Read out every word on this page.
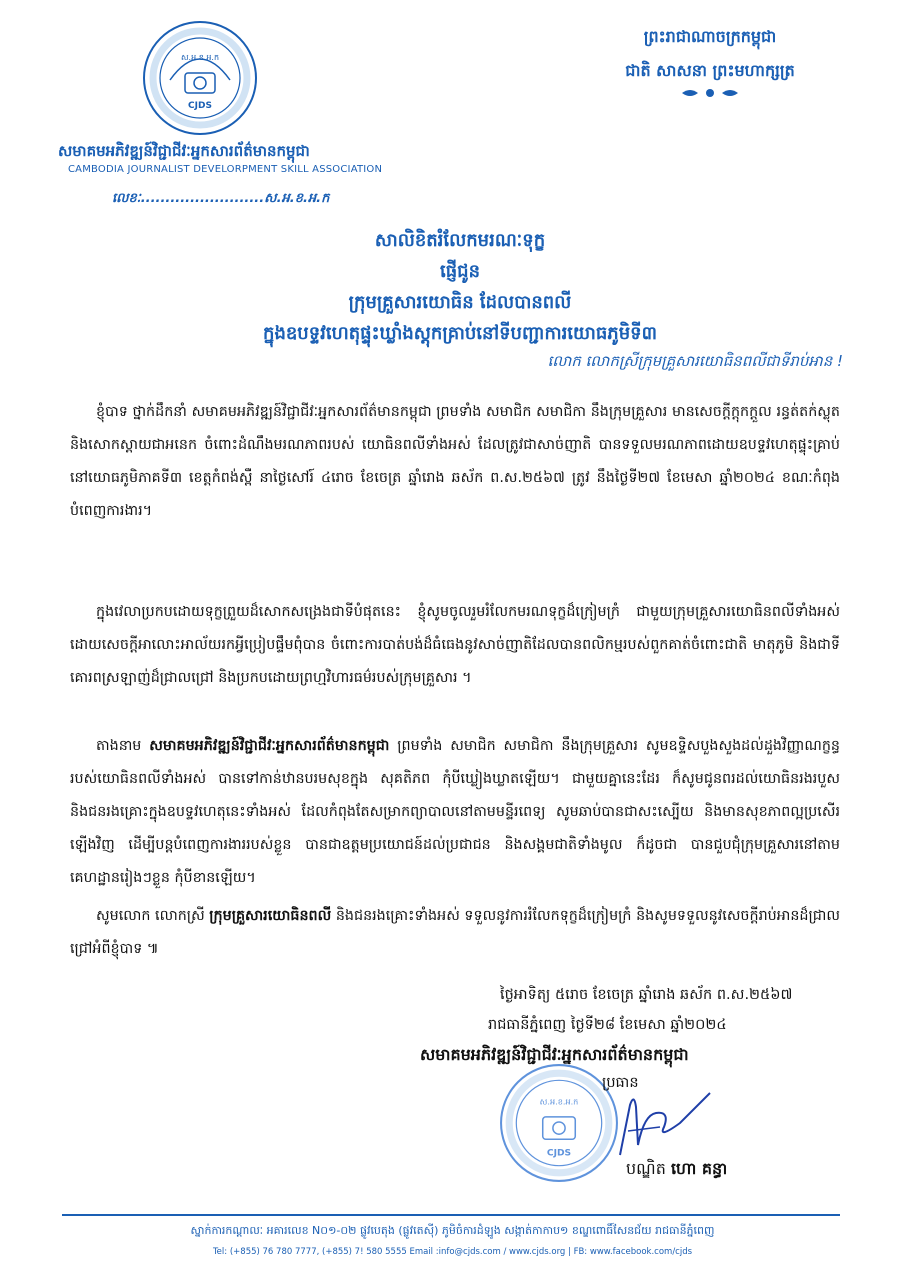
ស.អ.ខ.អ.ក
CJDS
សមាគមអភិវឌ្ឍន៍វិជ្ជាជីវៈអ្នកសារព័ត៌មានកម្ពុជា
CAMBODIA JOURNALIST DEVELORPMENT SKILL ASSOCIATION
លេខៈ.........................ស.អ.ខ.អ.ក
ព្រះរាជាណាចក្រកម្ពុជា
ជាតិ សាសនា ព្រះមហាក្សត្រ
សាលិខិតរំលែកមរណៈទុក្ខ
ផ្ញើជូន
ក្រុមគ្រួសារយោធិន ដែលបានពលី
ក្នុងឧបទ្ទវហេតុផ្ទុះឃ្លាំងស្តុកគ្រាប់នៅទីបញ្ជាការយោធភូមិទី៣
លោក លោកស្រីក្រុមគ្រួសារយោធិនពលីជាទីរាប់អាន !
ខ្ញុំបាទ ថ្នាក់ដឹកនាំ សមាគមអភិវឌ្ឍន៍វិជ្ជាជីវៈអ្នកសារព័ត៌មានកម្ពុជា ព្រមទាំង សមាជិក សមាជិកា នឹងក្រុមគ្រួសារ មានសេចក្តីក្តុកក្តួល រន្ធត់តក់ស្លុត និងសោកស្តាយជាអនេក ចំពោះដំណឹងមរណភាពរបស់ យោធិនពលីទាំងអស់ ដែលត្រូវជាសាច់ញាតិ បានទទួលមរណភាពដោយឧបទ្ទវហេតុផ្ទុះគ្រាប់ នៅយោធភូមិភាគទី៣ ខេត្តកំពង់ស្ពឺ នាថ្ងៃសៅរ៍ ៤រោច ខែចេត្រ ឆ្នាំរោង ឆស័ក ព.ស.២៥៦៧ ត្រូវ នឹងថ្ងៃទី២៧ ខែមេសា ឆ្នាំ២០២៤ ខណៈកំពុងបំពេញការងារ។
ក្នុងវេលាប្រកបដោយទុក្ខព្រួយដ៏សោកសង្រេងជាទីបំផុតនេះ ខ្ញុំសូមចូលរួមរំលែកមរណទុក្ខដ៏ក្រៀមក្រំ ជាមួយក្រុមគ្រួសារយោធិនពលីទាំងអស់ដោយសេចក្តីអាលោះអាល័យរកអ្វីប្រៀបផ្ទឹមពុំបាន ចំពោះការបាត់បង់ដ៏ធំធេងនូវសាច់ញាតិដែលបានពលិកម្មរបស់ពួកគាត់ចំពោះជាតិ មាតុភូមិ និងជាទីគោរពស្រឡាញ់ដ៏ជ្រាលជ្រៅ និងប្រកបដោយព្រហ្មវិហារធម៌របស់ក្រុមគ្រួសារ ។
តាងនាម សមាគមអភិវឌ្ឍន៍វិជ្ជាជីវៈអ្នកសារព័ត៌មានកម្ពុជា ព្រមទាំង សមាជិក សមាជិកា នឹងក្រុមគ្រួសារ សូមឧទ្ទិសបួងសួងដល់ដួងវិញ្ញាណក្ខន្ធរបស់យោធិនពលីទាំងអស់ បានទៅកាន់ឋានបរមសុខក្នុង សុគតិភព កុំបីឃ្លៀងឃ្លាតឡើយ។ ជាមួយគ្នានេះដែរ ក៏សូមជូនពរដល់យោធិនរងរបួស និងជនរងគ្រោះក្នុងឧបទ្ទវហេតុនេះទាំងអស់ ដែលកំពុងតែសម្រាកព្យាបាលនៅតាមមន្ទីរពេទ្យ សូមឆាប់បានជាសះស្បើយ និងមានសុខភាពល្អប្រសើរឡើងវិញ ដើម្បីបន្តបំពេញការងាររបស់ខ្លួន បានជាឧត្តមប្រយោជន៍ដល់ប្រជាជន និងសង្គមជាតិទាំងមូល ក៏ដូចជា បានជួបជុំក្រុមគ្រួសារនៅតាមគេហដ្ឋានរៀងៗខ្លួន កុំបីខានឡើយ។
សូមលោក លោកស្រី ក្រុមគ្រួសារយោធិនពលី និងជនរងគ្រោះទាំងអស់ ទទួលនូវការរំលែកទុក្ខដ៏ក្រៀមក្រំ និងសូមទទួលនូវសេចក្តីរាប់អានដ៏ជ្រាលជ្រៅអំពីខ្ញុំបាទ ៕
ថ្ងៃអាទិត្យ ៥រោច ខែចេត្រ ឆ្នាំរោង ឆស័ក ព.ស.២៥៦៧
រាជធានីភ្នំពេញ ថ្ងៃទី២៨ ខែមេសា ឆ្នាំ២០២៤
ស.អ.ខ.អ.ក
CJDS
សមាគមអភិវឌ្ឍន៍វិជ្ជាជីវៈអ្នកសារព័ត៌មានកម្ពុជា
ប្រធាន
បណ្ឌិត ហោ គន្ធា
ស្នាក់ការកណ្តាលៈ អគារលេខ N០១-០២ ផ្លូវបេតុង (ផ្លូវតេស៊ី) ភូមិចំការដំឡូង សង្កាត់កាកាប១ ខណ្ឌពោធិ៍សែនជ័យ រាជធានីភ្នំពេញ
Tel: (+855) 76 780 7777, (+855) 7! 580 5555 Email :info@cjds.com / www.cjds.org | FB: www.facebook.com/cjds
